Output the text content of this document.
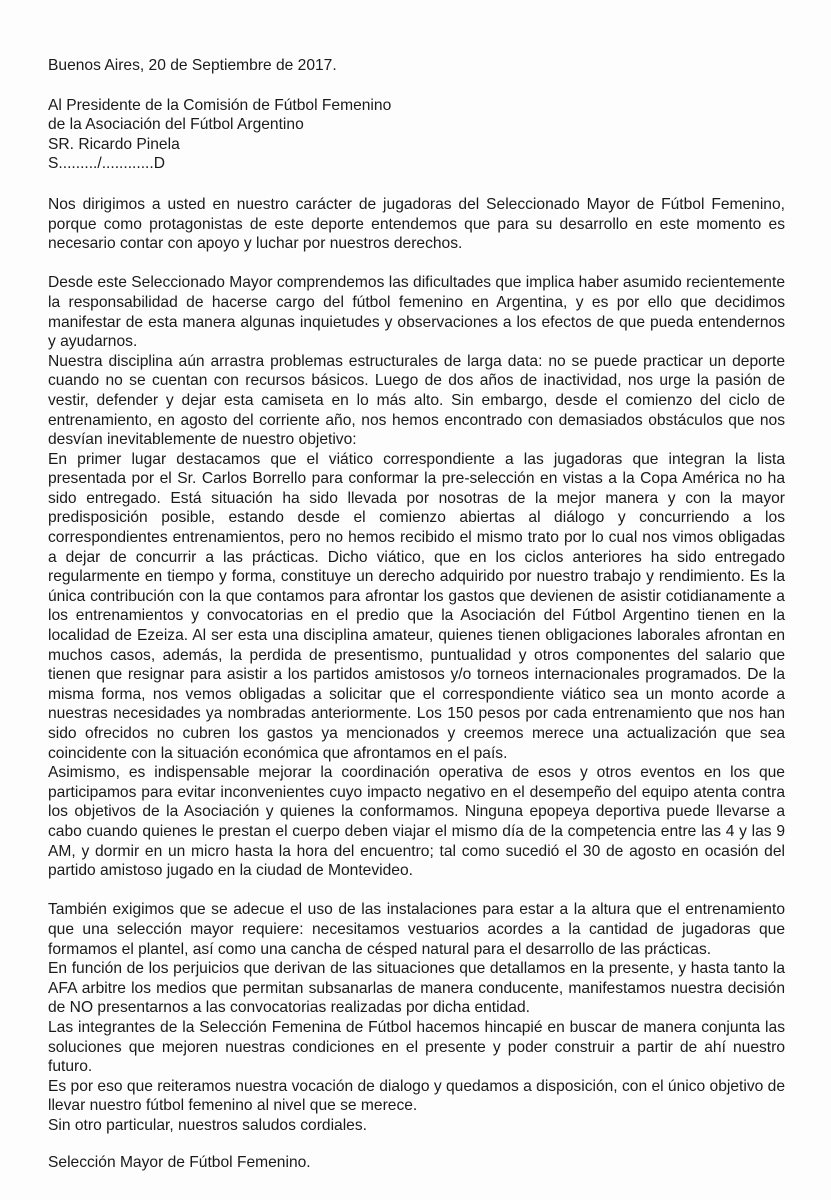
Buenos Aires, 20 de Septiembre de 2017.

Al Presidente de la Comisión de Fútbol Femenino
de la Asociación del Fútbol Argentino
SR. Ricardo Pinela
S........./............D

Nos dirigimos a usted en nuestro carácter de jugadoras del Seleccionado Mayor de Fútbol Femenino, porque como protagonistas de este deporte entendemos que para su desarrollo en este momento es necesario contar con apoyo y luchar por nuestros derechos.

Desde este Seleccionado Mayor comprendemos las dificultades que implica haber asumido recientemente la responsabilidad de hacerse cargo del fútbol femenino en Argentina, y es por ello que decidimos manifestar de esta manera algunas inquietudes y observaciones a los efectos de que pueda entendernos y ayudarnos.

Nuestra disciplina aún arrastra problemas estructurales de larga data: no se puede practicar un deporte cuando no se cuentan con recursos básicos. Luego de dos años de inactividad, nos urge la pasión de vestir, defender y dejar esta camiseta en lo más alto. Sin embargo, desde el comienzo del ciclo de entrenamiento, en agosto del corriente año, nos hemos encontrado con demasiados obstáculos que nos desvían inevitablemente de nuestro objetivo:

En primer lugar destacamos que el viático correspondiente a las jugadoras que integran la lista presentada por el Sr. Carlos Borrello para conformar la pre-selección en vistas a la Copa América no ha sido entregado. Está situación ha sido llevada por nosotras de la mejor manera y con la mayor predisposición posible, estando desde el comienzo abiertas al diálogo y concurriendo a los correspondientes entrenamientos, pero no hemos recibido el mismo trato por lo cual nos vimos obligadas a dejar de concurrir a las prácticas. Dicho viático, que en los ciclos anteriores ha sido entregado regularmente en tiempo y forma, constituye un derecho adquirido por nuestro trabajo y rendimiento. Es la única contribución con la que contamos para afrontar los gastos que devienen de asistir cotidianamente a los entrenamientos y convocatorias en el predio que la Asociación del Fútbol Argentino tienen en la localidad de Ezeiza. Al ser esta una disciplina amateur, quienes tienen obligaciones laborales afrontan en muchos casos, además, la perdida de presentismo, puntualidad y otros componentes del salario que tienen que resignar para asistir a los partidos amistosos y/o torneos internacionales programados. De la misma forma, nos vemos obligadas a solicitar que el correspondiente viático sea un monto acorde a nuestras necesidades ya nombradas anteriormente. Los 150 pesos por cada entrenamiento que nos han sido ofrecidos no cubren los gastos ya mencionados y creemos merece una actualización que sea coincidente con la situación económica que afrontamos en el país.

Asimismo, es indispensable mejorar la coordinación operativa de esos y otros eventos en los que participamos para evitar inconvenientes cuyo impacto negativo en el desempeño del equipo atenta contra los objetivos de la Asociación y quienes la conformamos. Ninguna epopeya deportiva puede llevarse a cabo cuando quienes le prestan el cuerpo deben viajar el mismo día de la competencia entre las 4 y las 9 AM, y dormir en un micro hasta la hora del encuentro; tal como sucedió el 30 de agosto en ocasión del partido amistoso jugado en la ciudad de Montevideo.

También exigimos que se adecue el uso de las instalaciones para estar a la altura que el entrenamiento que una selección mayor requiere: necesitamos vestuarios acordes a la cantidad de jugadoras que formamos el plantel, así como una cancha de césped natural para el desarrollo de las prácticas.

En función de los perjuicios que derivan de las situaciones que detallamos en la presente, y hasta tanto la AFA arbitre los medios que permitan subsanarlas de manera conducente, manifestamos nuestra decisión de NO presentarnos a las convocatorias realizadas por dicha entidad.

Las integrantes de la Selección Femenina de Fútbol hacemos hincapié en buscar de manera conjunta las soluciones que mejoren nuestras condiciones en el presente y poder construir a partir de ahí nuestro futuro.

Es por eso que reiteramos nuestra vocación de dialogo y quedamos a disposición, con el único objetivo de llevar nuestro fútbol femenino al nivel que se merece.

Sin otro particular, nuestros saludos cordiales.

Selección Mayor de Fútbol Femenino.
